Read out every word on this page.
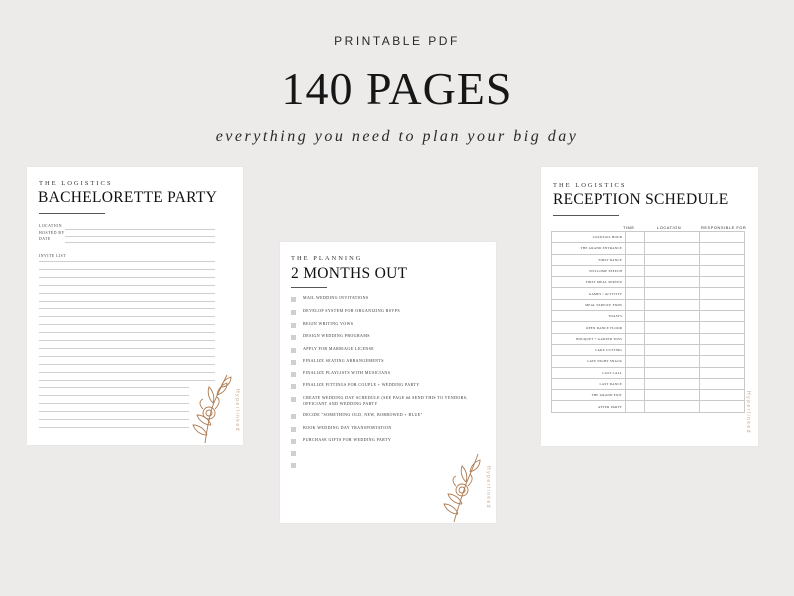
PRINTABLE PDF
140 PAGES
everything you need to plan your big day
THE LOGISTICS
BACHELORETTE PARTY
LOCATION
HOSTED BY
DATE
INVITE LIST
Hyperlinked
THE PLANNING
2 MONTHS OUT
MAIL WEDDING INVITATIONS
DEVELOP SYSTEM FOR ORGANIZING RSVPS
BEGIN WRITING VOWS
DESIGN WEDDING PROGRAMS
APPLY FOR MARRIAGE LICENSE
FINALIZE SEATING ARRANGEMENTS
FINALIZE PLAYLISTS WITH MUSICIANS
FINALIZE FITTINGS FOR COUPLE + WEDDING PARTY
CREATE WEDDING DAY SCHEDULE (SEE PAGE ## SEND THIS TO VENDORS,
OFFICIANT AND WEDDING PARTY
DECIDE "SOMETHING OLD, NEW, BORROWED + BLUE"
BOOK WEDDING DAY TRANSPORTATION
PURCHASE GIFTS FOR WEDDING PARTY
Hyperlinked
THE LOGISTICS
RECEPTION SCHEDULE
TIME	LOCATION	RESPONSIBLE FOR
COCKTAIL HOUR			
THE GRAND ENTRANCE			
FIRST DANCE			
WELCOME SPEECH			
FIRST MEAL SERVED			
GAMES / ACTIVITY			
MEAL SERVICE ENDS			
TOASTS			
OPEN DANCE FLOOR			
BOUQUET + GARTER TOSS			
CAKE CUTTING			
LATE NIGHT SNACK			
LAST CALL			
LAST DANCE			
THE GRAND EXIT			
AFTER PARTY				Hyperlinked
